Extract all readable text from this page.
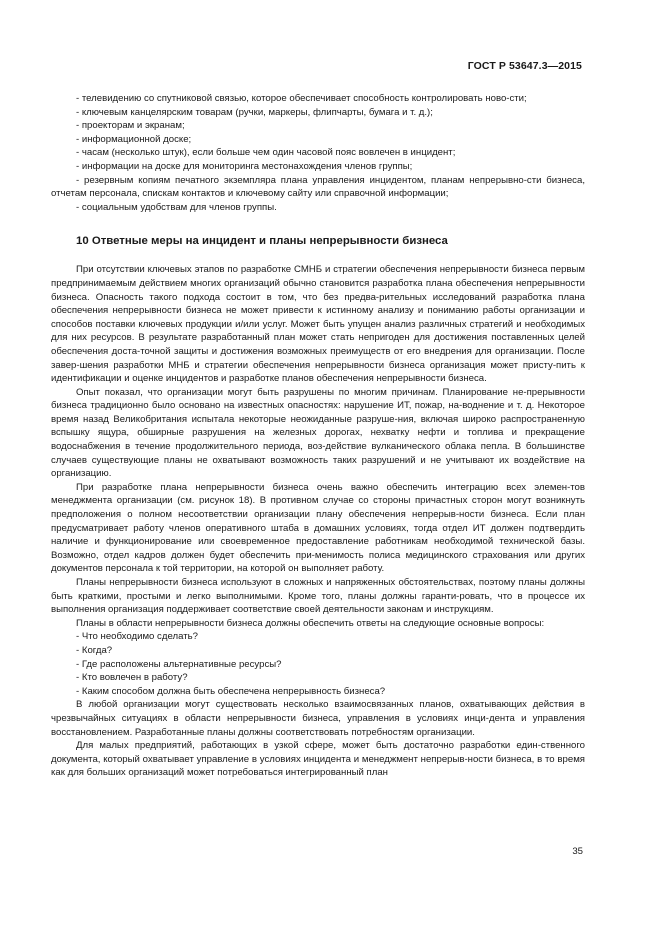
ГОСТ Р 53647.3—2015

- телевидению со спутниковой связью, которое обеспечивает способность контролировать ново-сти;

- ключевым канцелярским товарам (ручки, маркеры, флипчарты, бумага и т. д.);

- проекторам и экранам;

- информационной доске;

- часам (несколько штук), если больше чем один часовой пояс вовлечен в инцидент;

- информации на доске для мониторинга местонахождения членов группы;

- резервным копиям печатного экземпляра плана управления инцидентом, планам непрерывно-сти бизнеса, отчетам персонала, спискам контактов и ключевому сайту или справочной информации;

- социальным удобствам для членов группы.

10 Ответные меры на инцидент и планы непрерывности бизнеса

При отсутствии ключевых этапов по разработке СМНБ и стратегии обеспечения непрерывности бизнеса первым предпринимаемым действием многих организаций обычно становится разработка плана обеспечения непрерывности бизнеса. Опасность такого подхода состоит в том, что без предва-рительных исследований разработка плана обеспечения непрерывности бизнеса не может привести к истинному анализу и пониманию работы организации и способов поставки ключевых продукции и/или услуг. Может быть упущен анализ различных стратегий и необходимых для них ресурсов. В результате разработанный план может стать непригоден для достижения поставленных целей обеспечения доста-точной защиты и достижения возможных преимуществ от его внедрения для организации. После завер-шения разработки МНБ и стратегии обеспечения непрерывности бизнеса организация может присту-пить к идентификации и оценке инцидентов и разработке планов обеспечения непрерывности бизнеса.

Опыт показал, что организации могут быть разрушены по многим причинам. Планирование не-прерывности бизнеса традиционно было основано на известных опасностях: нарушение ИТ, пожар, на-воднение и т. д. Некоторое время назад Великобритания испытала некоторые неожиданные разруше-ния, включая широко распространенную вспышку ящура, обширные разрушения на железных дорогах, нехватку нефти и топлива и прекращение водоснабжения в течение продолжительного периода, воз-действие вулканического облака пепла. В большинстве случаев существующие планы не охватывают возможность таких разрушений и не учитывают их воздействие на организацию.

При разработке плана непрерывности бизнеса очень важно обеспечить интеграцию всех элемен-тов менеджмента организации (см. рисунок 18). В противном случае со стороны причастных сторон могут возникнуть предположения о полном несоответствии организации плану обеспечения непрерыв-ности бизнеса. Если план предусматривает работу членов оперативного штаба в домашних условиях, тогда отдел ИТ должен подтвердить наличие и функционирование или своевременное предоставление работникам необходимой технической базы. Возможно, отдел кадров должен будет обеспечить при-менимость полиса медицинского страхования или других документов персонала к той территории, на которой он выполняет работу.

Планы непрерывности бизнеса используют в сложных и напряженных обстоятельствах, поэтому планы должны быть краткими, простыми и легко выполнимыми. Кроме того, планы должны гаранти-ровать, что в процессе их выполнения организация поддерживает соответствие своей деятельности законам и инструкциям.

Планы в области непрерывности бизнеса должны обеспечить ответы на следующие основные вопросы:

- Что необходимо сделать?

- Когда?

- Где расположены альтернативные ресурсы?

- Кто вовлечен в работу?

- Каким способом должна быть обеспечена непрерывность бизнеса?

В любой организации могут существовать несколько взаимосвязанных планов, охватывающих действия в чрезвычайных ситуациях в области непрерывности бизнеса, управления в условиях инци-дента и управления восстановлением. Разработанные планы должны соответствовать потребностям организации.

Для малых предприятий, работающих в узкой сфере, может быть достаточно разработки един-ственного документа, который охватывает управление в условиях инцидента и менеджмент непрерыв-ности бизнеса, в то время как для больших организаций может потребоваться интегрированный план

35
